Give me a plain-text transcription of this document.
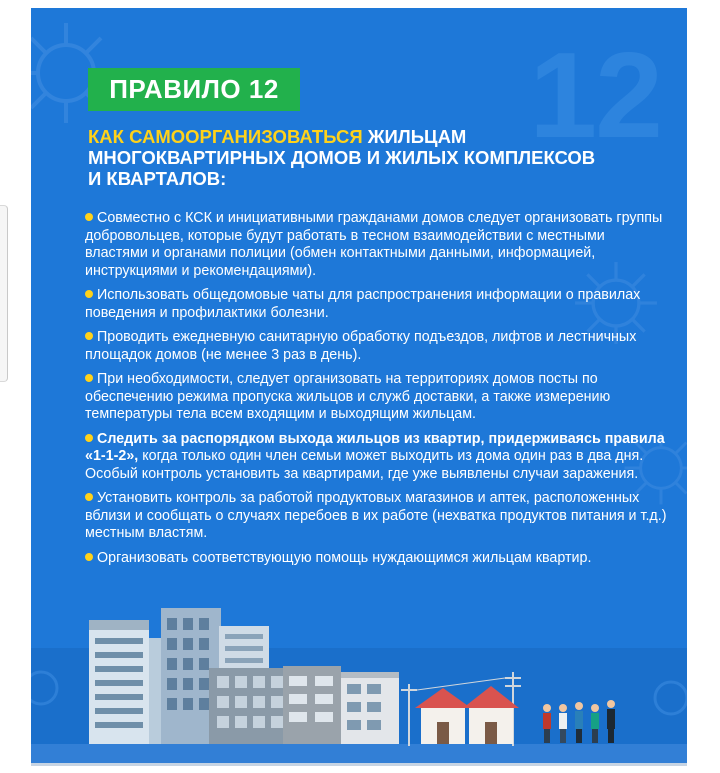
12
ПРАВИЛО 12
КАК САМООРГАНИЗОВАТЬСЯ ЖИЛЬЦАМ МНОГОКВАРТИРНЫХ ДОМОВ И ЖИЛЫХ КОМПЛЕКСОВ И КВАРТАЛОВ:
Совместно с КСК и инициативными гражданами домов следует организовать группы добровольцев, которые будут работать в тесном взаимодействии с местными властями и органами полиции (обмен контактными данными, информацией, инструкциями и рекомендациями).
Использовать общедомовые чаты для распространения информации о правилах поведения и профилактики болезни.
Проводить ежедневную санитарную обработку подъездов, лифтов и лестничных площадок домов (не менее 3 раз в день).
При необходимости, следует организовать на территориях домов посты по обеспечению режима пропуска жильцов и служб доставки, а также измерению температуры тела всем входящим и выходящим жильцам.
Следить за распорядком выхода жильцов из квартир, придерживаясь правила «1-1-2», когда только один член семьи может выходить из дома один раз в два дня. Особый контроль установить за квартирами, где уже выявлены случаи заражения.
Установить контроль за работой продуктовых магазинов и аптек, расположенных вблизи и сообщать о случаях перебоев в их работе (нехватка продуктов питания и т.д.) местным властям.
Организовать соответствующую помощь нуждающимся жильцам квартир.
